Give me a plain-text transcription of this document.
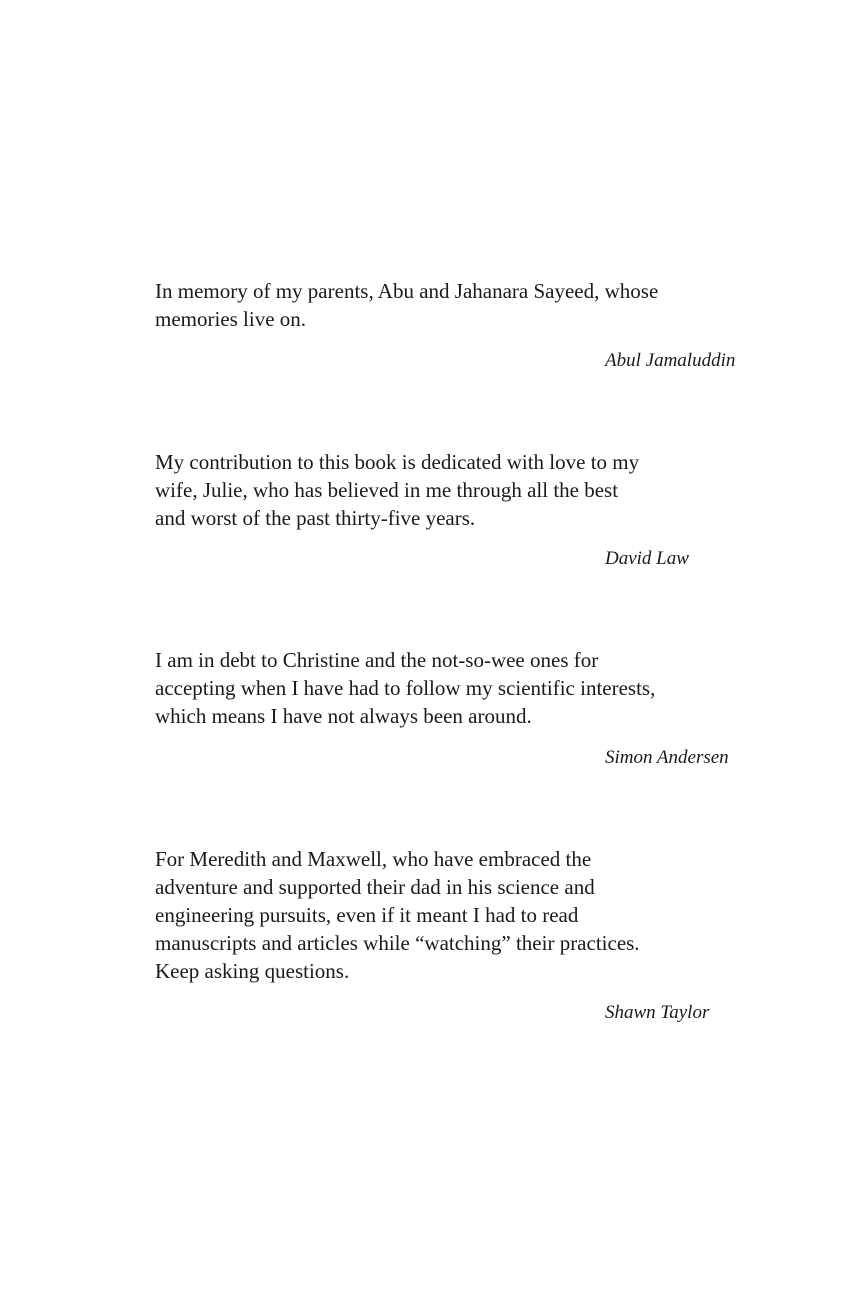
In memory of my parents, Abu and Jahanara Sayeed, whose
memories live on.

Abul Jamaluddin

My contribution to this book is dedicated with love to my
wife, Julie, who has believed in me through all the best
and worst of the past thirty-five years.

David Law

I am in debt to Christine and the not-so-wee ones for
accepting when I have had to follow my scientific interests,
which means I have not always been around.

Simon Andersen

For Meredith and Maxwell, who have embraced the
adventure and supported their dad in his science and
engineering pursuits, even if it meant I had to read
manuscripts and articles while “watching” their practices.
Keep asking questions.

Shawn Taylor
